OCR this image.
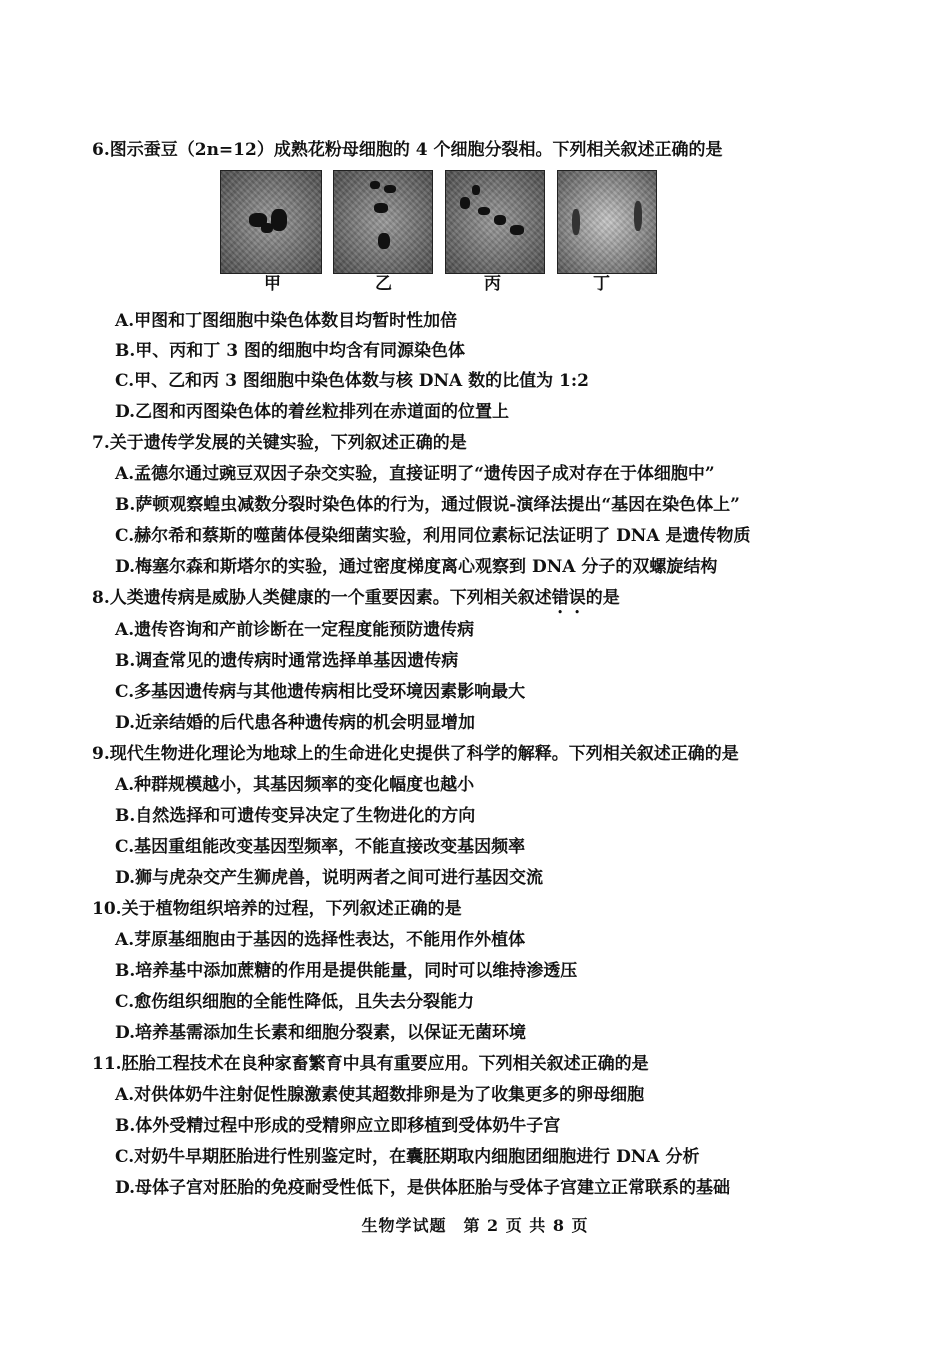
6.图示蚕豆（2n=12）成熟花粉母细胞的 4 个细胞分裂相。下列相关叙述正确的是
甲	乙	丙	丁
A.甲图和丁图细胞中染色体数目均暂时性加倍
B.甲、丙和丁 3 图的细胞中均含有同源染色体
C.甲、乙和丙 3 图细胞中染色体数与核 DNA 数的比值为 1:2
D.乙图和丙图染色体的着丝粒排列在赤道面的位置上
7.关于遗传学发展的关键实验，下列叙述正确的是
A.孟德尔通过豌豆双因子杂交实验，直接证明了“遗传因子成对存在于体细胞中”
B.萨顿观察蝗虫减数分裂时染色体的行为，通过假说-演绎法提出“基因在染色体上”
C.赫尔希和蔡斯的噬菌体侵染细菌实验，利用同位素标记法证明了 DNA 是遗传物质
D.梅塞尔森和斯塔尔的实验，通过密度梯度离心观察到 DNA 分子的双螺旋结构
8.人类遗传病是威胁人类健康的一个重要因素。下列相关叙述错误的是
A.遗传咨询和产前诊断在一定程度能预防遗传病
B.调查常见的遗传病时通常选择单基因遗传病
C.多基因遗传病与其他遗传病相比受环境因素影响最大
D.近亲结婚的后代患各种遗传病的机会明显增加
9.现代生物进化理论为地球上的生命进化史提供了科学的解释。下列相关叙述正确的是
A.种群规模越小，其基因频率的变化幅度也越小
B.自然选择和可遗传变异决定了生物进化的方向
C.基因重组能改变基因型频率，不能直接改变基因频率
D.狮与虎杂交产生狮虎兽，说明两者之间可进行基因交流
10.关于植物组织培养的过程，下列叙述正确的是
A.芽原基细胞由于基因的选择性表达，不能用作外植体
B.培养基中添加蔗糖的作用是提供能量，同时可以维持渗透压
C.愈伤组织细胞的全能性降低，且失去分裂能力
D.培养基需添加生长素和细胞分裂素，以保证无菌环境
11.胚胎工程技术在良种家畜繁育中具有重要应用。下列相关叙述正确的是
A.对供体奶牛注射促性腺激素使其超数排卵是为了收集更多的卵母细胞
B.体外受精过程中形成的受精卵应立即移植到受体奶牛子宫
C.对奶牛早期胚胎进行性别鉴定时，在囊胚期取内细胞团细胞进行 DNA 分析
D.母体子宫对胚胎的免疫耐受性低下，是供体胚胎与受体子宫建立正常联系的基础
生物学试题　第 2 页 共 8 页
